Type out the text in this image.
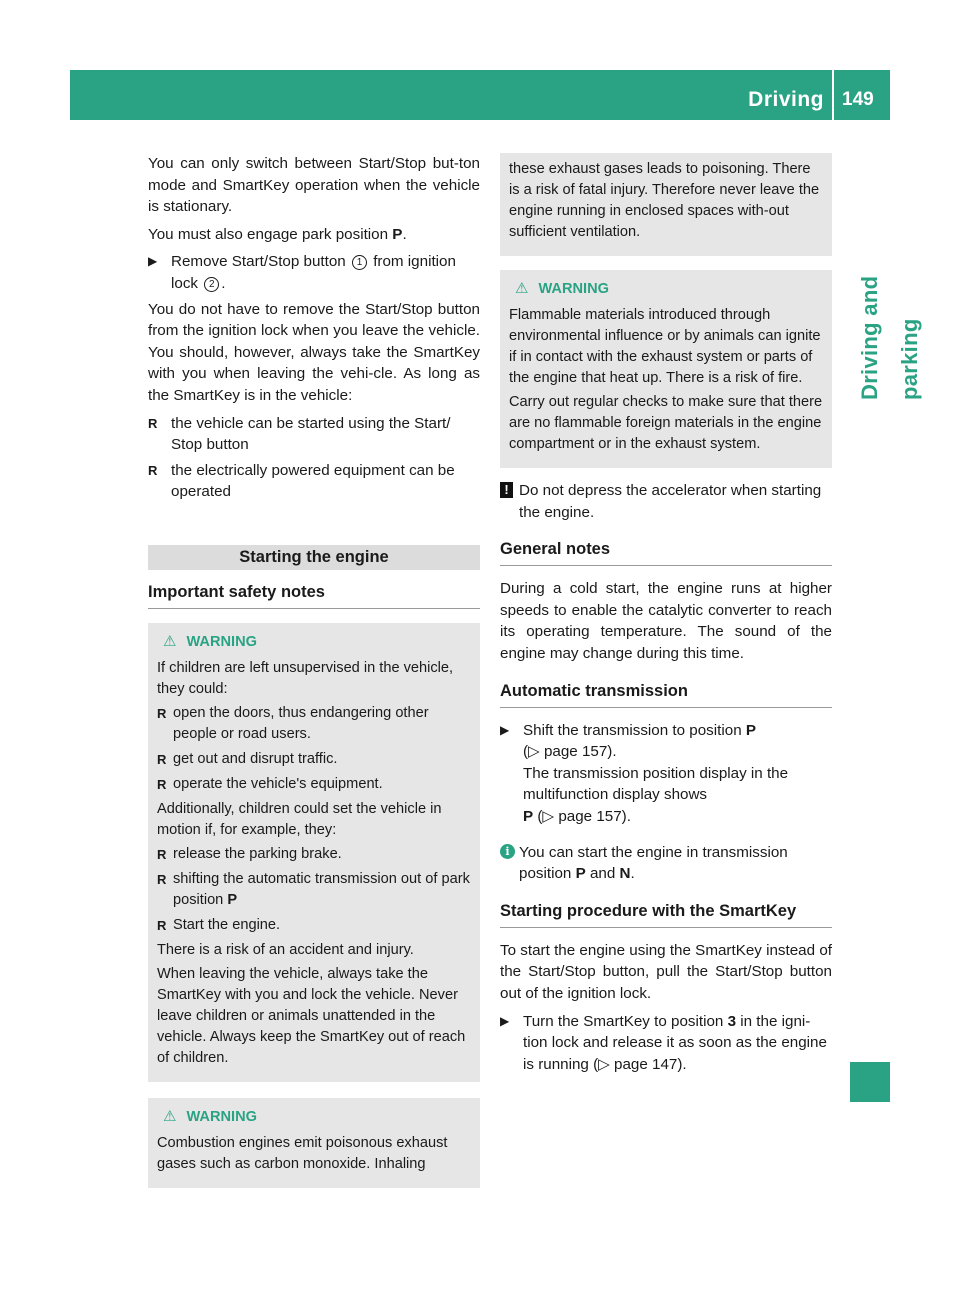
Driving 149
Driving and parking

You can only switch between Start/Stop but-ton mode and SmartKey operation when the vehicle is stationary.

You must also engage park position P.

▶ Remove Start/Stop button 1 from ignition lock 2 .

You do not have to remove the Start/Stop button from the ignition lock when you leave the vehicle. You should, however, always take the SmartKey with you when leaving the vehi-cle. As long as the SmartKey is in the vehicle:

R the vehicle can be started using the Start/ Stop button
R the electrically powered equipment can be operated
Starting the engine
Important safety notes
⚠ WARNING

If children are left unsupervised in the vehicle, they could:

R open the doors, thus endangering other people or road users.
R get out and disrupt traffic.
R operate the vehicle's equipment.

Additionally, children could set the vehicle in motion if, for example, they:

R release the parking brake.
R shifting the automatic transmission out of park position P
R Start the engine.

There is a risk of an accident and injury.

When leaving the vehicle, always take the SmartKey with you and lock the vehicle. Never leave children or animals unattended in the vehicle. Always keep the SmartKey out of reach of children.

⚠ WARNING

Combustion engines emit poisonous exhaust gases such as carbon monoxide. Inhaling

these exhaust gases leads to poisoning. There is a risk of fatal injury. Therefore never leave the engine running in enclosed spaces with-out sufficient ventilation.

⚠ WARNING

Flammable materials introduced through environmental influence or by animals can ignite if in contact with the exhaust system or parts of the engine that heat up. There is a risk of fire.

Carry out regular checks to make sure that there are no flammable foreign materials in the engine compartment or in the exhaust system.

! Do not depress the accelerator when starting the engine.
General notes

During a cold start, the engine runs at higher speeds to enable the catalytic converter to reach its operating temperature. The sound of the engine may change during this time.

Automatic transmission
▶ Shift the transmission to position P
(▷ page 157).
The transmission position display in the multifunction display shows
P (▷ page 157).
i You can start the engine in transmission position P and N.
Starting procedure with the SmartKey

To start the engine using the SmartKey instead of the Start/Stop button, pull the Start/Stop button out of the ignition lock.

▶ Turn the SmartKey to position 3 in the igni-tion lock and release it as soon as the engine is running (▷ page 147).
